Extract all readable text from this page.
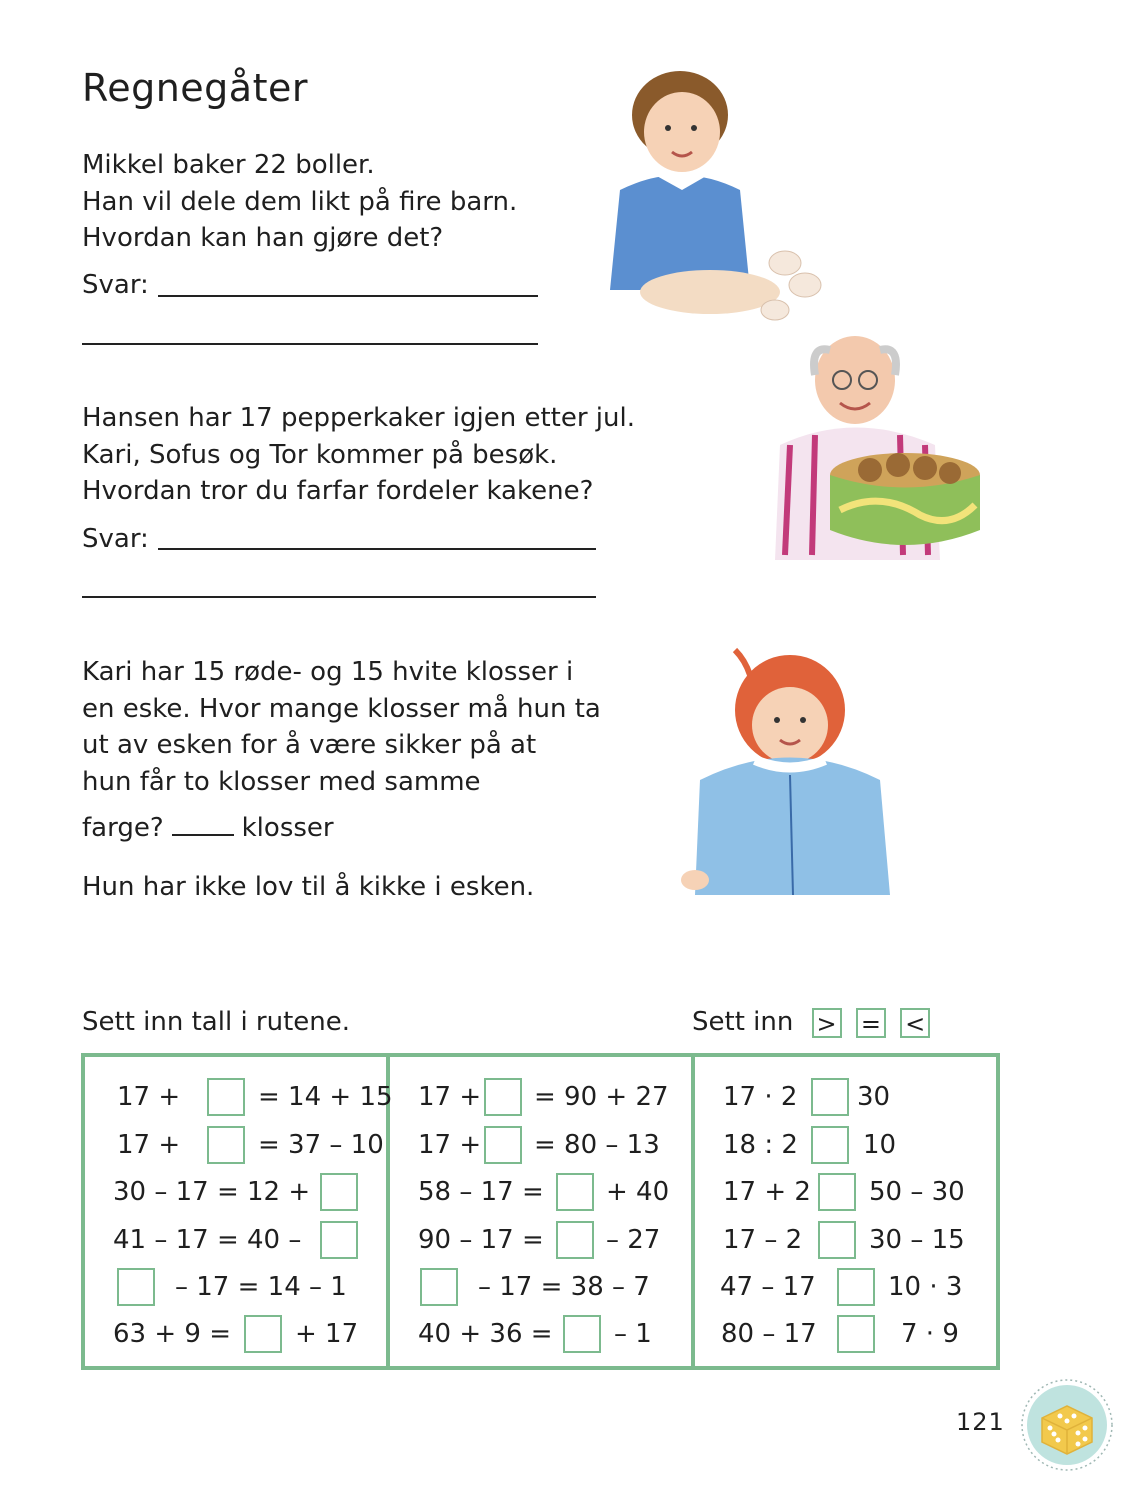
Regnegåter
Mikkel baker 22 boller.
Han vil dele dem likt på fire barn.
Hvordan kan han gjøre det?
Svar:
Hansen har 17 pepperkaker igjen etter jul.
Kari, Sofus og Tor kommer på besøk.
Hvordan tror du farfar fordeler kakene?
Svar:
Kari har 15 røde- og 15 hvite klosser i
en eske. Hvor mange klosser må hun ta
ut av esken for å være sikker på at
hun får to klosser med samme
farge?	klosser
Hun har ikke lov til å kikke i esken.
Sett inn tall i rutene.	Sett inn > = <
17 +	= 14 + 15
17 +	= 37 – 10
30 – 17 = 12 +
41 – 17 = 40 –
– 17 = 14 – 1
63 + 9 = + 17
17 + = 90 + 27
17 + = 80 – 13
58 – 17 = + 40
90 – 17 = – 27
– 17 = 38 – 7
40 + 36 = – 1
17 · 2 30
18 : 2	10
17 + 2 50 – 30
17 – 2	30 – 15
47 – 17	10 · 3
80 – 17	7 · 9
121
